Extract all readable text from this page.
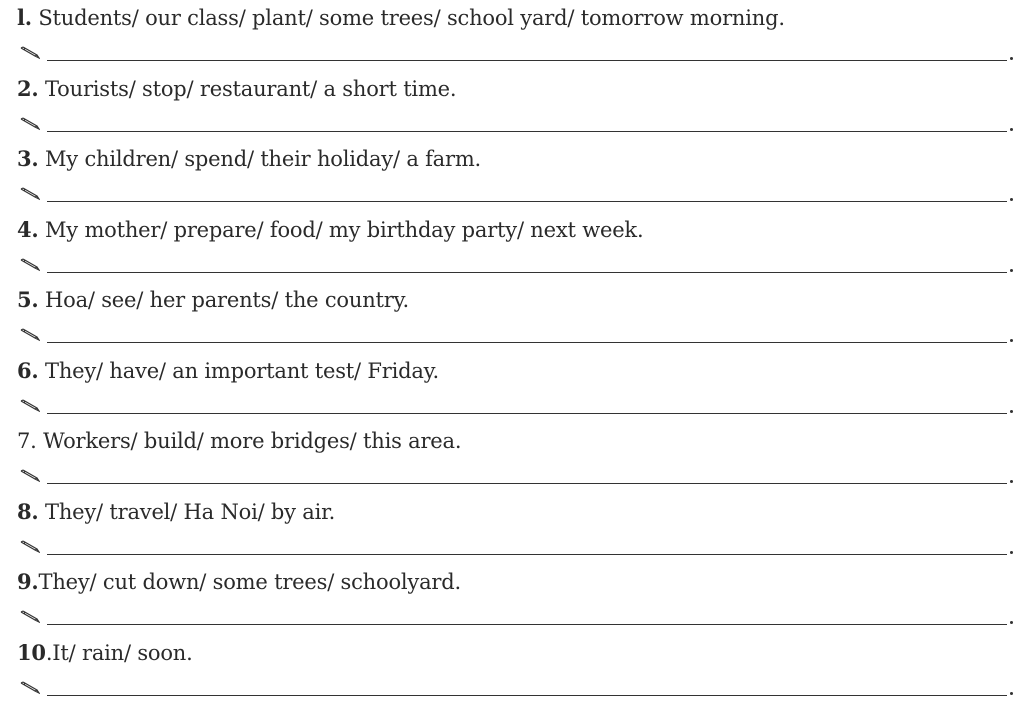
l. Students/ our class/ plant/ some trees/ school yard/ tomorrow morning.
2. Tourists/ stop/ restaurant/ a short time.
3. My children/ spend/ their holiday/ a farm.
4. My mother/ prepare/ food/ my birthday party/ next week.
5. Hoa/ see/ her parents/ the country.
6. They/ have/ an important test/ Friday.
7. Workers/ build/ more bridges/ this area.
8. They/ travel/ Ha Noi/ by air.
9.They/ cut down/ some trees/ schoolyard.
10.It/ rain/ soon.
